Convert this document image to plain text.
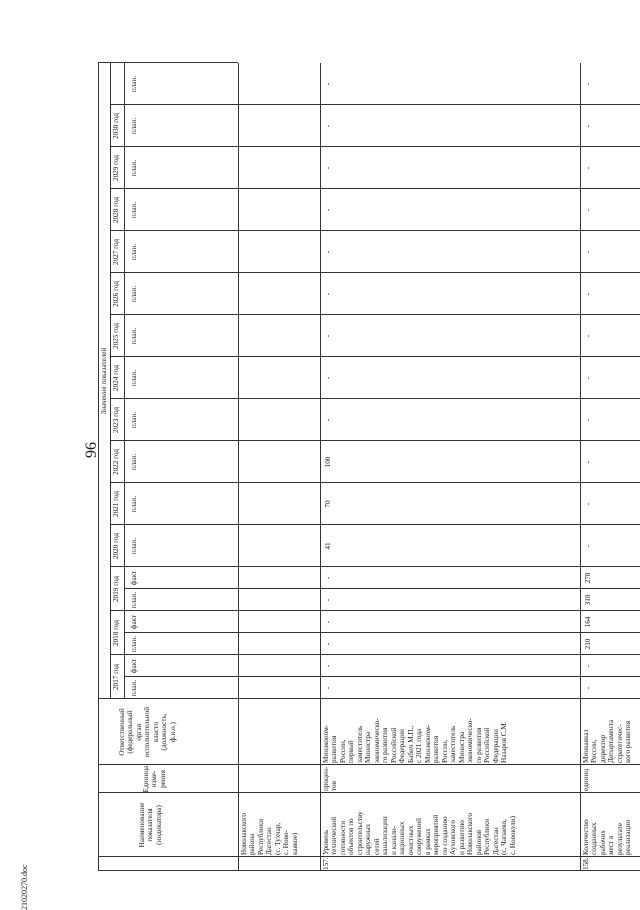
96
21020270.doc
Наименование
показателя
(индикатора)
Единица
изме-
рения
Ответственный
(федеральный
орган
исполнительной
власти
(должность,
ф.и.о.)
Значение показателей
2017 год
2018 год
2019 год
2020 год
2021 год
2022 год
2023 год
2024 год
2025 год
2026 год
2027 год
2028 год
2029 год
2030 год
план.
факт
план.
факт
план.
факт
план.
план.
план.
план.
план.
план.
план.
план.
план.
план.
план.
план.
Новолакского
района
Республики
Дагестан
(с. Тухчар,
с. Ново-
каякое)
157.
Уровень
технической
готовности
объектов по
строительству
наружных
сетей
канализации
и канали-
зационных
очистных
сооружений
в рамках
мероприятий
по созданию
Ауховского
и развитию
Новолакского
районов
Республики
Дагестан
(с. Чапаево,
с. Новокули)
процен-
тов
Минэконом-
развития
России,
первый
заместитель
Министра
экономическо-
го развития
Российской
Федерации
Бабич М.П.,
с 2021 года
Минэконом-
развития
России,
заместитель
Министра
экономическо-
го развития
Российской
Федерации
Назаров С.М.
-
-
-
-
-
-
41
70
100
-
-
-
-
-
-
-
-
-
158.
Количество
созданных
рабочих
мест в
результате
реализации
единиц
Минкавказ
России,
директор
Департамента
стратегичес-
кого развития
-
-
210
164
310
278
-
-
-
-
-
-
-
-
-
-
-
-
